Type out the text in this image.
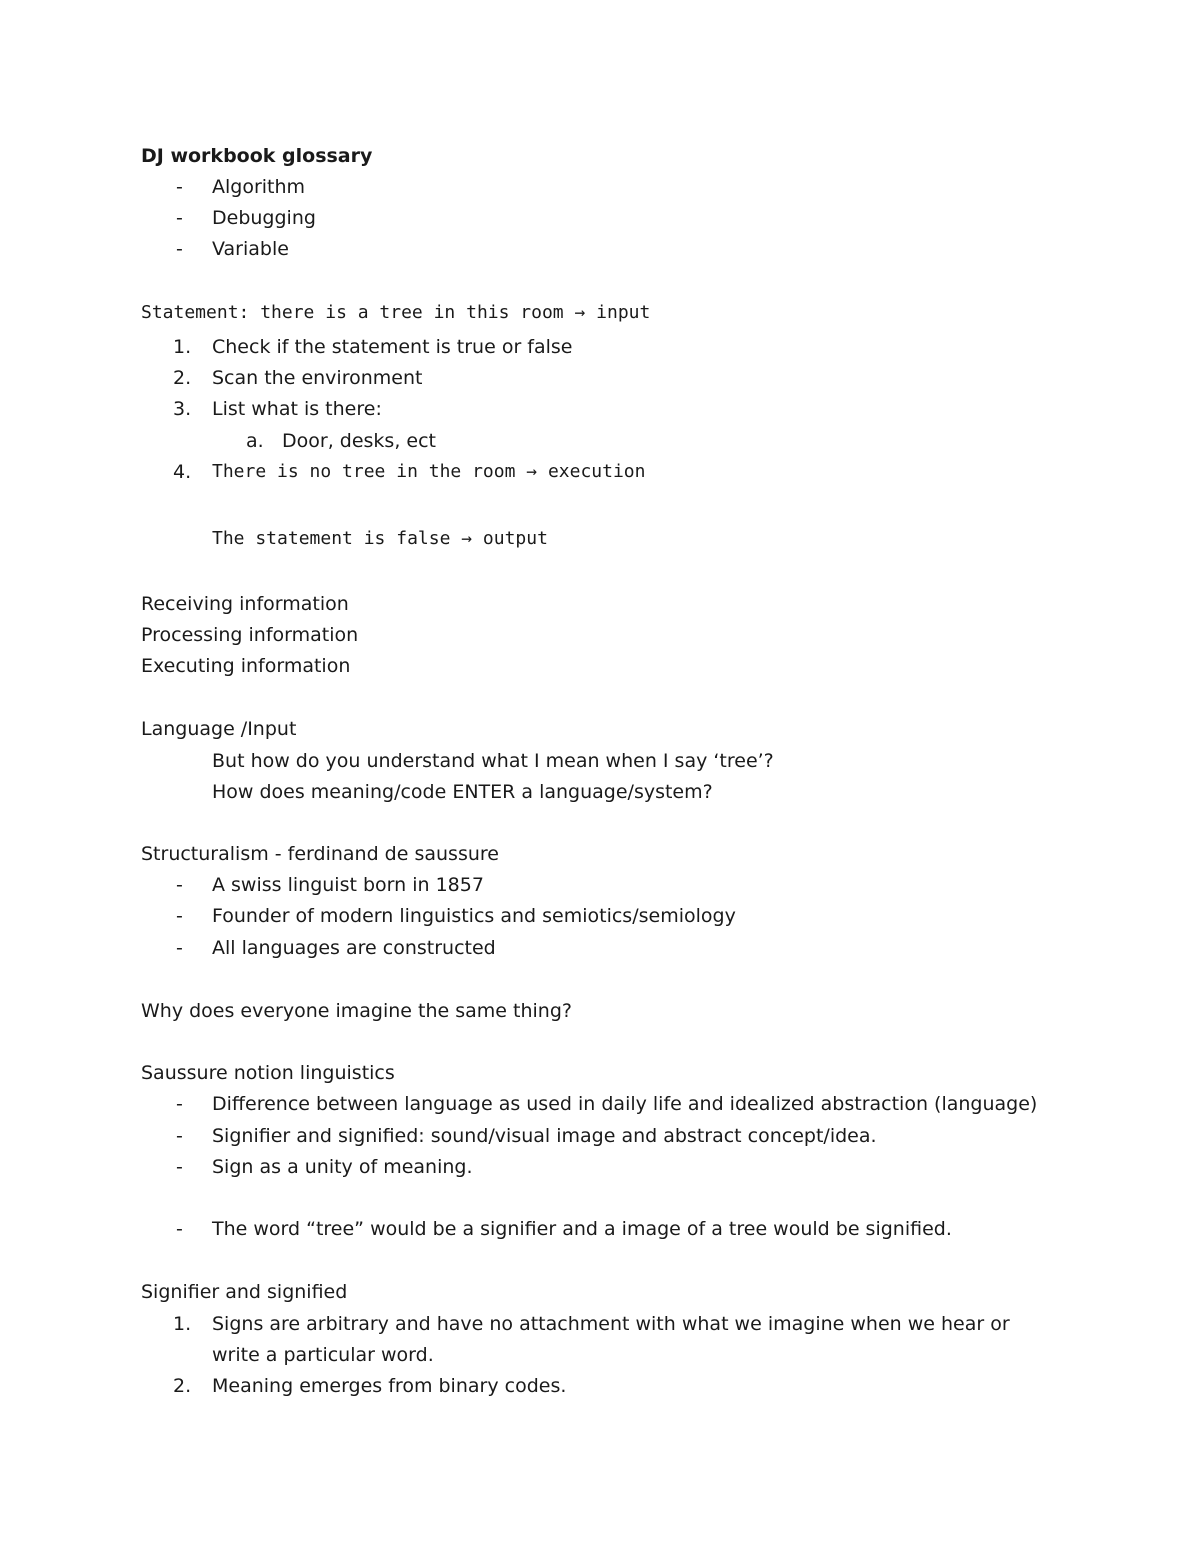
DJ workbook glossary
- Algorithm
- Debugging
- Variable
Statement: there is a tree in this room → input
1. Check if the statement is true or false
2. Scan the environment
3. List what is there:
a. Door, desks, ect
4. There is no tree in the room → execution
The statement is false → output
Receiving information
Processing information
Executing information
Language /Input
But how do you understand what I mean when I say ‘tree’?
How does meaning/code ENTER a language/system?
Structuralism - ferdinand de saussure
- A swiss linguist born in 1857
- Founder of modern linguistics and semiotics/semiology
- All languages are constructed
Why does everyone imagine the same thing?
Saussure notion linguistics
- Difference between language as used in daily life and idealized abstraction (language)
- Signifier and signified: sound/visual image and abstract concept/idea.
- Sign as a unity of meaning.
- The word “tree” would be a signifier and a image of a tree would be signified.
Signifier and signified
1. Signs are arbitrary and have no attachment with what we imagine when we hear or
write a particular word.
2. Meaning emerges from binary codes.
